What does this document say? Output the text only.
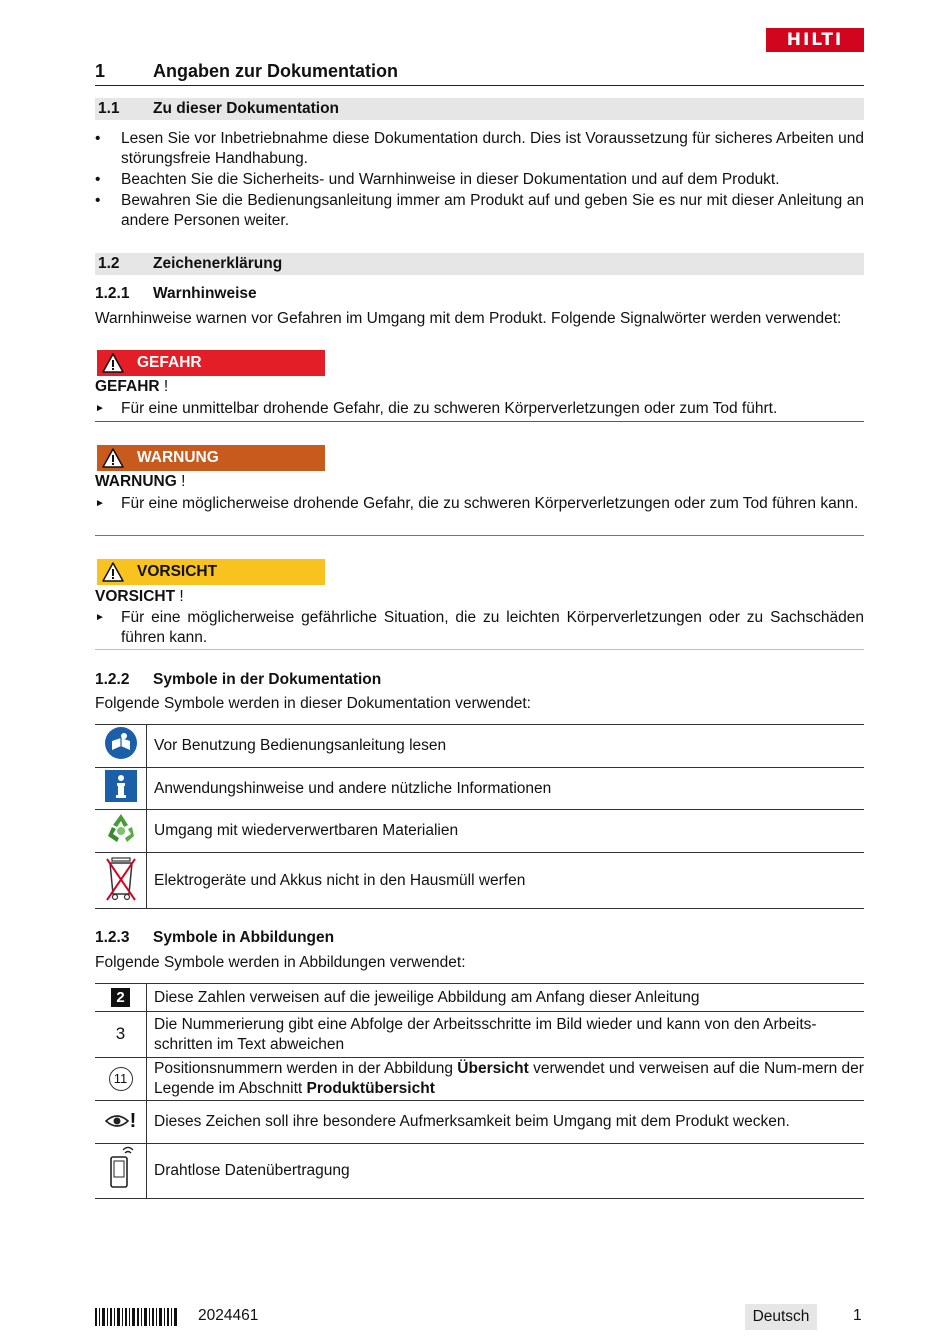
HILTI
1	Angaben zur Dokumentation
1.1 Zu dieser Dokumentation
• Lesen Sie vor Inbetriebnahme diese Dokumentation durch. Dies ist Voraussetzung für sicheres Arbeiten und störungsfreie Handhabung.
• Beachten Sie die Sicherheits- und Warnhinweise in dieser Dokumentation und auf dem Produkt.
• Bewahren Sie die Bedienungsanleitung immer am Produkt auf und geben Sie es nur mit dieser Anleitung an andere Personen weiter.
1.2 Zeichenerklärung
1.2.1 Warnhinweise
Warnhinweise warnen vor Gefahren im Umgang mit dem Produkt. Folgende Signalwörter werden verwendet:
GEFAHR
GEFAHR !
► Für eine unmittelbar drohende Gefahr, die zu schweren Körperverletzungen oder zum Tod führt.
WARNUNG
WARNUNG !
► Für eine möglicherweise drohende Gefahr, die zu schweren Körperverletzungen oder zum Tod führen kann.
VORSICHT
VORSICHT !
► Für eine möglicherweise gefährliche Situation, die zu leichten Körperverletzungen oder zu Sachschäden führen kann.
1.2.2 Symbole in der Dokumentation
Folgende Symbole werden in dieser Dokumentation verwendet:
	Vor Benutzung Bedienungsanleitung lesen
	Anwendungshinweise und andere nützliche Informationen
	Umgang mit wiederverwertbaren Materialien
	Elektrogeräte und Akkus nicht in den Hausmüll werfen
1.2.3 Symbole in Abbildungen
Folgende Symbole werden in Abbildungen verwendet:
2	Diese Zahlen verweisen auf die jeweilige Abbildung am Anfang dieser Anleitung
3	Die Nummerierung gibt eine Abfolge der Arbeitsschritte im Bild wieder und kann von den Arbeits-schritten im Text abweichen
11	Positionsnummern werden in der Abbildung Übersicht verwendet und verweisen auf die Num-mern der Legende im Abschnitt Produktübersicht

!	Dieses Zeichen soll ihre besondere Aufmerksamkeit beim Umgang mit dem Produkt wecken.
	Drahtlose Datenübertragung
2024461	Deutsch	1
